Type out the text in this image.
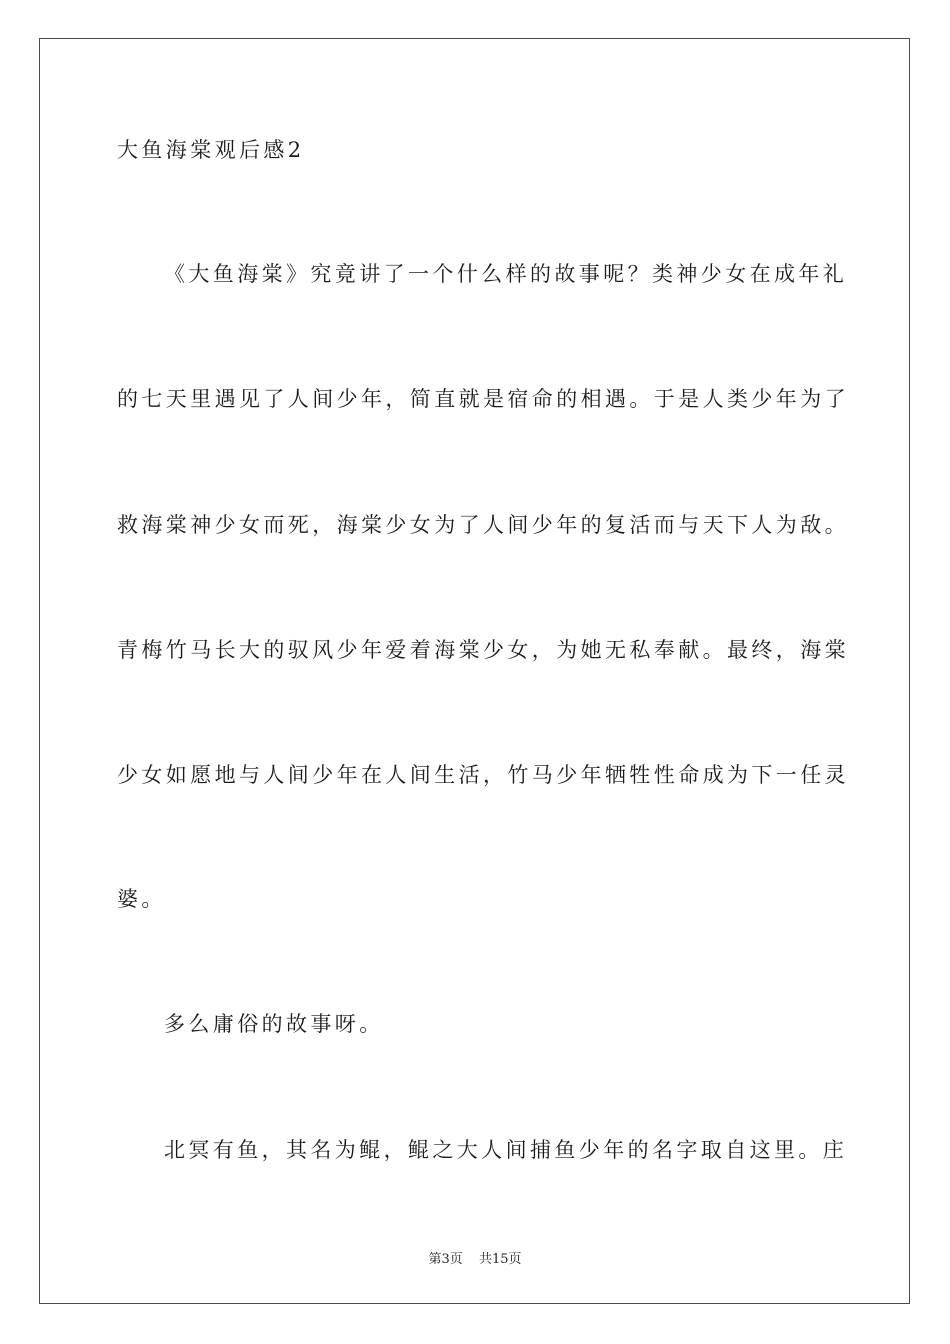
大鱼海棠观后感2
《大鱼海棠》究竟讲了一个什么样的故事呢？类神少女在成年礼
的七天里遇见了人间少年，简直就是宿命的相遇。于是人类少年为了
救海棠神少女而死，海棠少女为了人间少年的复活而与天下人为敌。
青梅竹马长大的驭风少年爱着海棠少女，为她无私奉献。最终，海棠
少女如愿地与人间少年在人间生活，竹马少年牺牲性命成为下一任灵
婆。
多么庸俗的故事呀。
北冥有鱼，其名为鲲，鲲之大人间捕鱼少年的名字取自这里。庄
第3页 共15页
